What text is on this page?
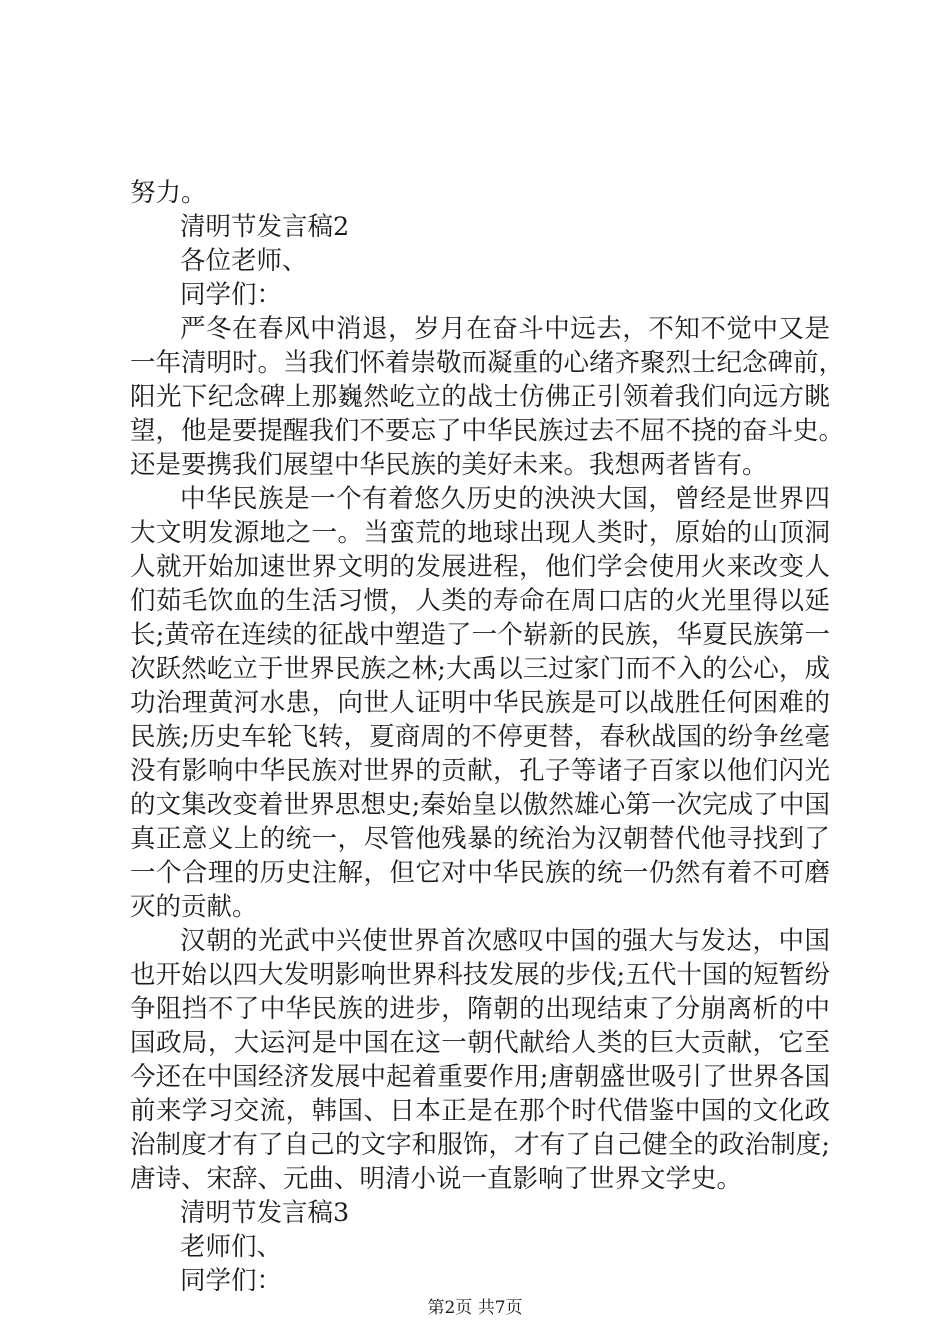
努力。

清明节发言稿2

各位老师、

同学们：

严冬在春风中消退，岁月在奋斗中远去，不知不觉中又是

一年清明时。当我们怀着崇敬而凝重的心绪齐聚烈士纪念碑前，

阳光下纪念碑上那巍然屹立的战士仿佛正引领着我们向远方眺

望，他是要提醒我们不要忘了中华民族过去不屈不挠的奋斗史。

还是要携我们展望中华民族的美好未来。我想两者皆有。

中华民族是一个有着悠久历史的泱泱大国，曾经是世界四

大文明发源地之一。当蛮荒的地球出现人类时，原始的山顶洞

人就开始加速世界文明的发展进程，他们学会使用火来改变人

们茹毛饮血的生活习惯，人类的寿命在周口店的火光里得以延

长;黄帝在连续的征战中塑造了一个崭新的民族，华夏民族第一

次跃然屹立于世界民族之林;大禹以三过家门而不入的公心，成

功治理黄河水患，向世人证明中华民族是可以战胜任何困难的

民族;历史车轮飞转，夏商周的不停更替，春秋战国的纷争丝毫

没有影响中华民族对世界的贡献，孔子等诸子百家以他们闪光

的文集改变着世界思想史;秦始皇以傲然雄心第一次完成了中国

真正意义上的统一，尽管他残暴的统治为汉朝替代他寻找到了

一个合理的历史注解，但它对中华民族的统一仍然有着不可磨

灭的贡献。

汉朝的光武中兴使世界首次感叹中国的强大与发达，中国

也开始以四大发明影响世界科技发展的步伐;五代十国的短暂纷

争阻挡不了中华民族的进步，隋朝的出现结束了分崩离析的中

国政局，大运河是中国在这一朝代献给人类的巨大贡献，它至

今还在中国经济发展中起着重要作用;唐朝盛世吸引了世界各国

前来学习交流，韩国、日本正是在那个时代借鉴中国的文化政

治制度才有了自己的文字和服饰，才有了自己健全的政治制度;

唐诗、宋辞、元曲、明清小说一直影响了世界文学史。

清明节发言稿3

老师们、

同学们：

第2页 共7页
